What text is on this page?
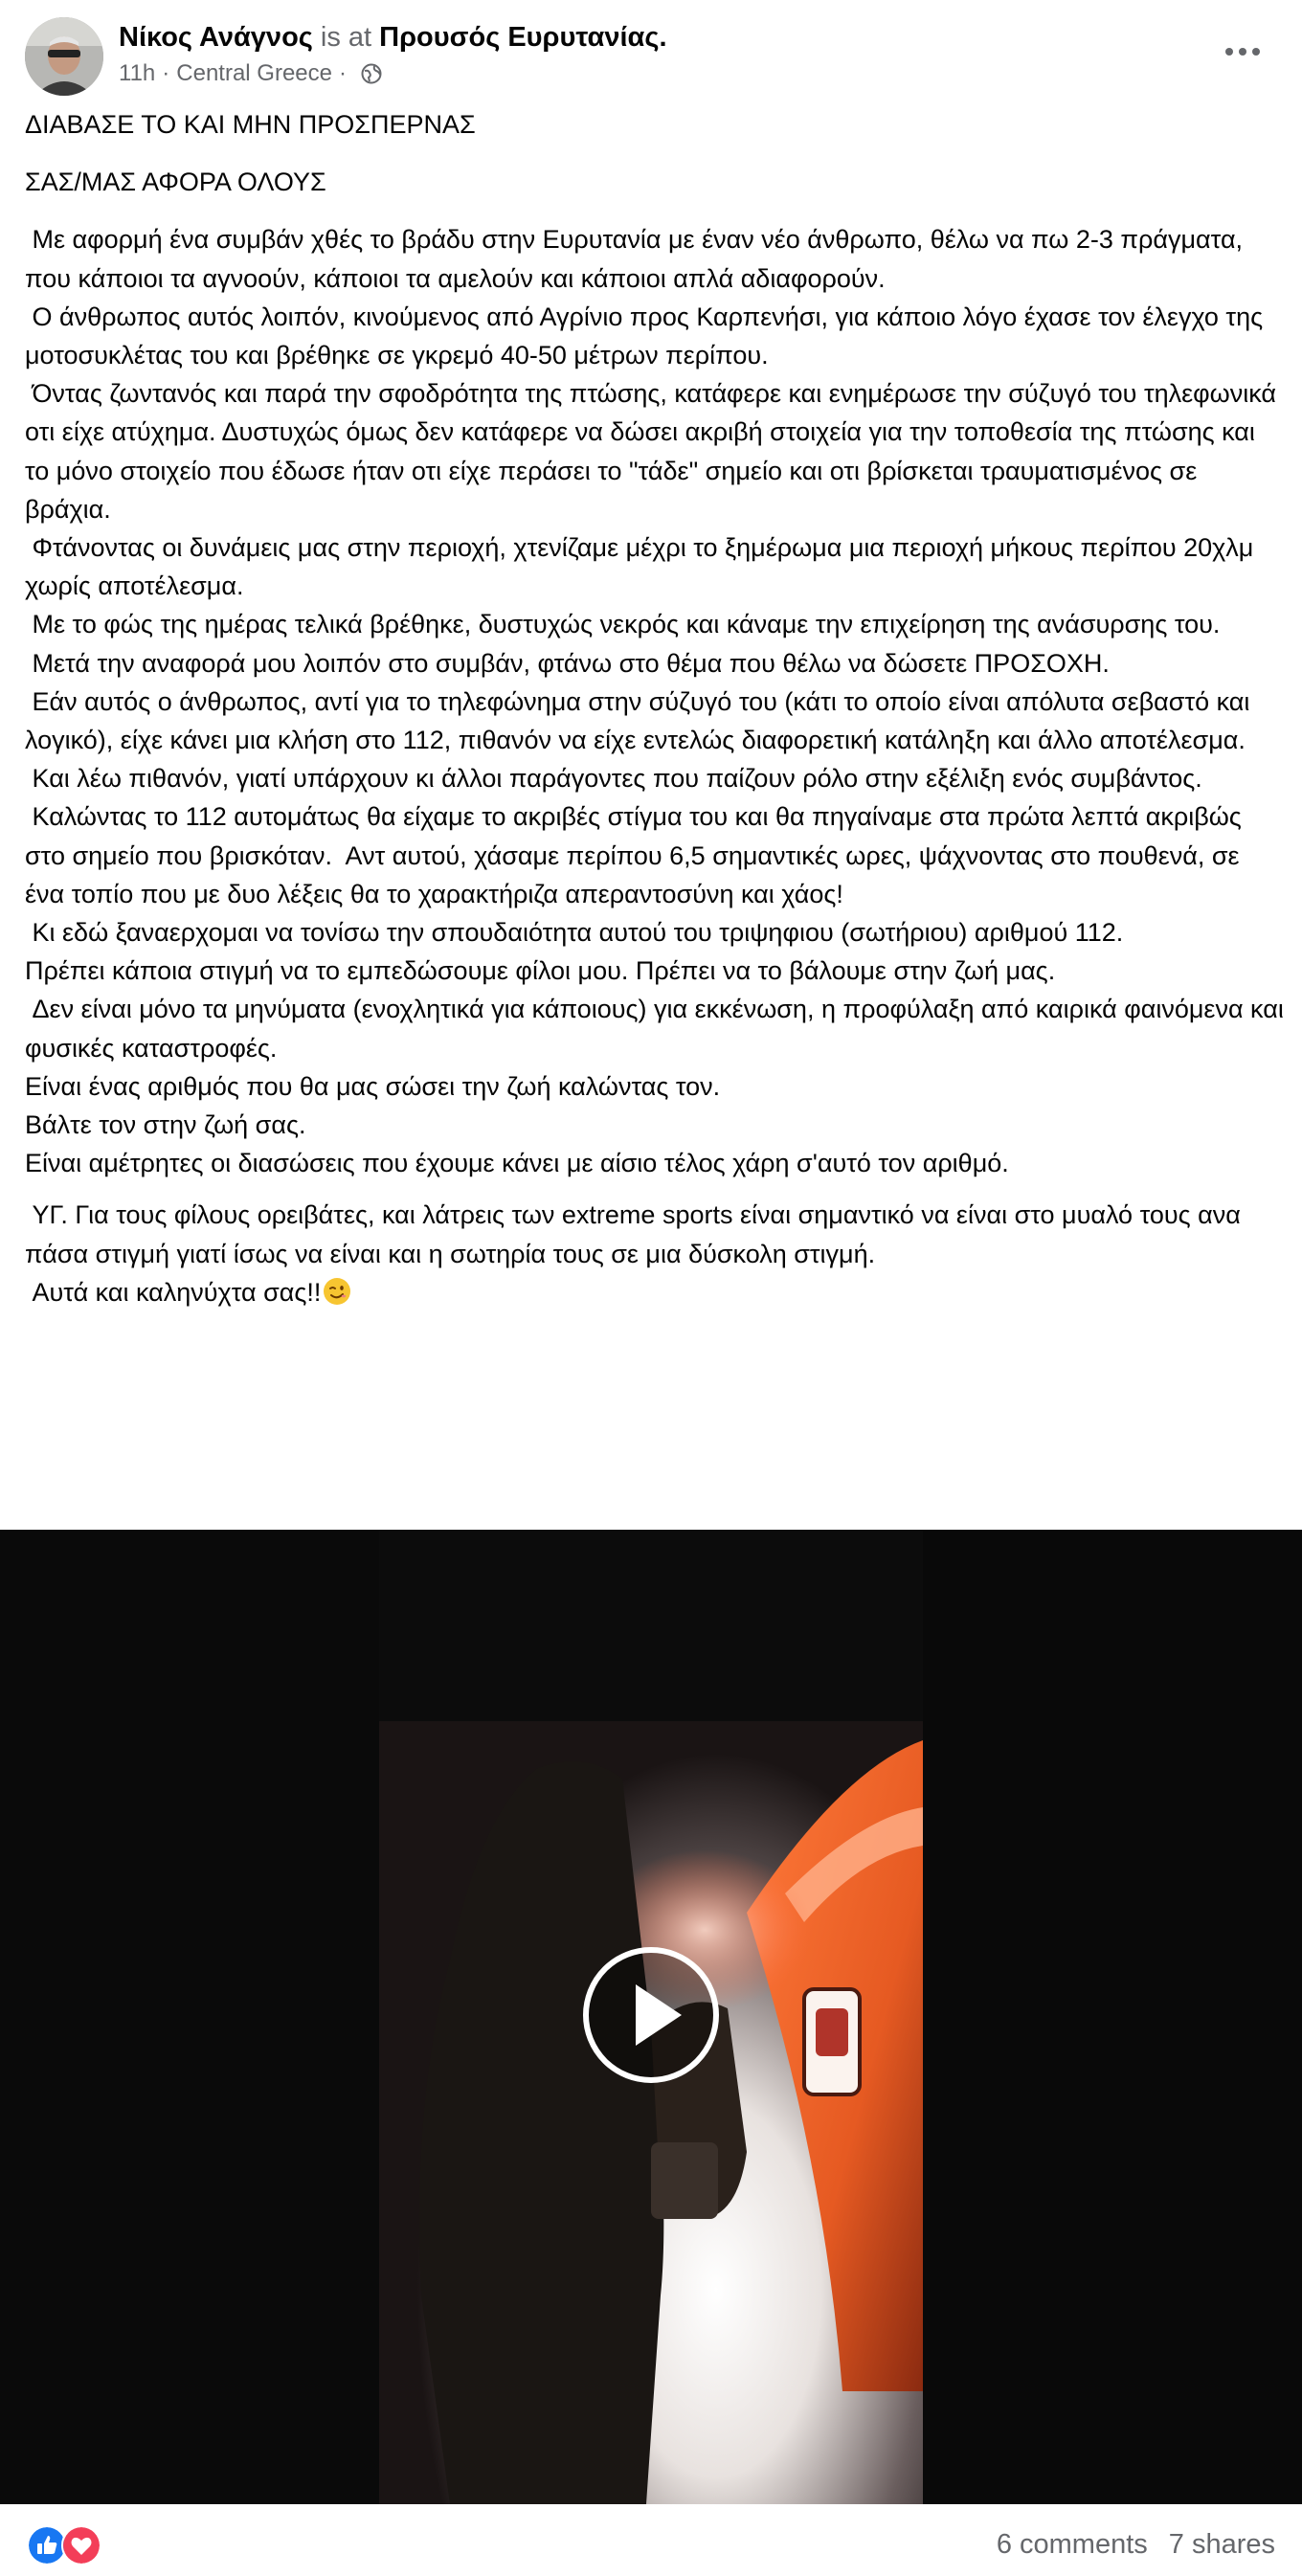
Νίκος Ανάγνος is at Προυσός Ευρυτανίας.
11h · Central Greece ·

ΔΙΑΒΑΣΕ ΤΟ ΚΑΙ ΜΗΝ ΠΡΟΣΠΕΡΝΑΣ

ΣΑΣ/ΜΑΣ ΑΦΟΡΑ ΟΛΟΥΣ

Με αφορμή ένα συμβάν χθές το βράδυ στην Ευρυτανία με έναν νέο άνθρωπο, θέλω να πω 2-3 πράγματα, που κάποιοι τα αγνοούν, κάποιοι τα αμελούν και κάποιοι απλά αδιαφορούν.

Ο άνθρωπος αυτός λοιπόν, κινούμενος από Αγρίνιο προς Καρπενήσι, για κάποιο λόγο έχασε τον έλεγχο της μοτοσυκλέτας του και βρέθηκε σε γκρεμό 40-50 μέτρων περίπου.

Όντας ζωντανός και παρά την σφοδρότητα της πτώσης, κατάφερε και ενημέρωσε την σύζυγό του τηλεφωνικά οτι είχε ατύχημα. Δυστυχώς όμως δεν κατάφερε να δώσει ακριβή στοιχεία για την τοποθεσία της πτώσης και το μόνο στοιχείο που έδωσε ήταν οτι είχε περάσει το "τάδε" σημείο και οτι βρίσκεται τραυματισμένος σε βράχια.

Φτάνοντας οι δυνάμεις μας στην περιοχή, χτενίζαμε μέχρι το ξημέρωμα μια περιοχή μήκους περίπου 20χλμ χωρίς αποτέλεσμα.

Με το φώς της ημέρας τελικά βρέθηκε, δυστυχώς νεκρός και κάναμε την επιχείρηση της ανάσυρσης του.

Μετά την αναφορά μου λοιπόν στο συμβάν, φτάνω στο θέμα που θέλω να δώσετε ΠΡΟΣΟΧΗ.

Εάν αυτός ο άνθρωπος, αντί για το τηλεφώνημα στην σύζυγό του (κάτι το οποίο είναι απόλυτα σεβαστό και λογικό), είχε κάνει μια κλήση στο 112, πιθανόν να είχε εντελώς διαφορετική κατάληξη και άλλο αποτέλεσμα.

Και λέω πιθανόν, γιατί υπάρχουν κι άλλοι παράγοντες που παίζουν ρόλο στην εξέλιξη ενός συμβάντος.

Καλώντας το 112 αυτομάτως θα είχαμε το ακριβές στίγμα του και θα πηγαίναμε στα πρώτα λεπτά ακριβώς στο σημείο που βρισκόταν.  Αντ αυτού, χάσαμε περίπου 6,5 σημαντικές ωρες, ψάχνοντας στο πουθενά, σε ένα τοπίο που με δυο λέξεις θα το χαρακτήριζα απεραντοσύνη και χάος!

Κι εδώ ξαναερχομαι να τονίσω την σπουδαιότητα αυτού του τριψηφιου (σωτήριου) αριθμού 112.

Πρέπει κάποια στιγμή να το εμπεδώσουμε φίλοι μου. Πρέπει να το βάλουμε στην ζωή μας.

Δεν είναι μόνο τα μηνύματα (ενοχλητικά για κάποιους) για εκκένωση, η προφύλαξη από καιρικά φαινόμενα και φυσικές καταστροφές.

Είναι ένας αριθμός που θα μας σώσει την ζωή καλώντας τον.

Βάλτε τον στην ζωή σας.

Είναι αμέτρητες οι διασώσεις που έχουμε κάνει με αίσιο τέλος χάρη σ'αυτό τον αριθμό.

ΥΓ. Για τους φίλους ορειβάτες, και λάτρεις των extreme sports είναι σημαντικό να είναι στο μυαλό τους ανα πάσα στιγμή γιατί ίσως να είναι και η σωτηρία τους σε μια δύσκολη στιγμή.

Αυτά και καληνύχτα σας!!

6 comments 7 shares
